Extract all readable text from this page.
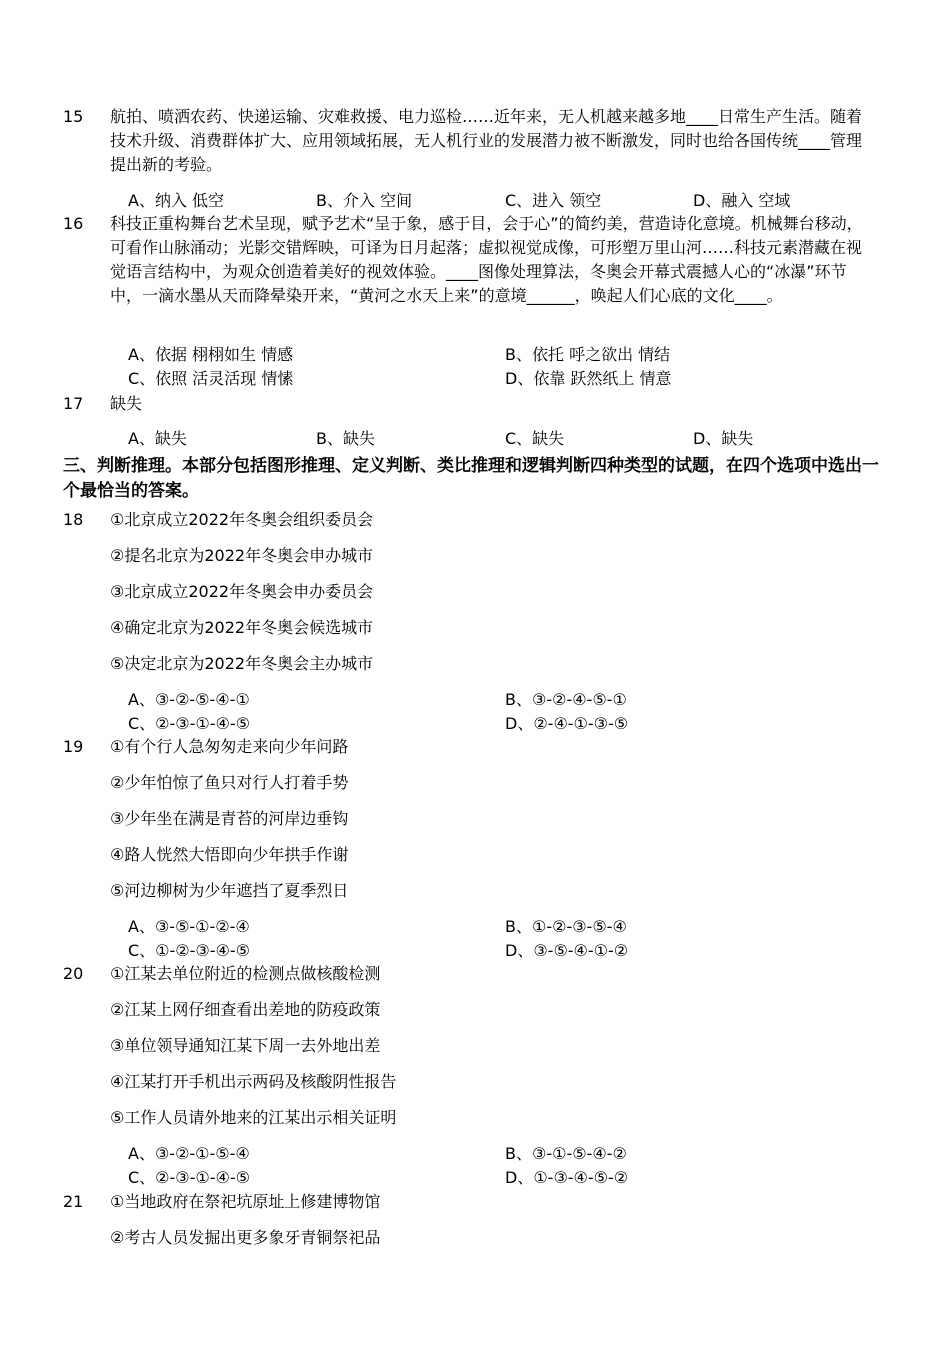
15 航拍、喷洒农药、快递运输、灾难救援、电力巡检……近年来，无人机越来越多地____日常生产生活。随着技术升级、消费群体扩大、应用领域拓展，无人机行业的发展潜力被不断激发，同时也给各国传统____管理提出新的考验。

A、纳入 低空	B、介入 空间	C、进入 领空	D、融入 空域
16 科技正重构舞台艺术呈现，赋予艺术“呈于象，感于目，会于心”的简约美，营造诗化意境。机械舞台移动，可看作山脉涌动；光影交错辉映，可译为日月起落；虚拟视觉成像，可形塑万里山河……科技元素潜藏在视觉语言结构中，为观众创造着美好的视效体验。____图像处理算法，冬奥会开幕式震撼人心的“冰瀑”环节中，一滴水墨从天而降晕染开来，“黄河之水天上来”的意境______，唤起人们心底的文化____。

A、依据 栩栩如生 情感	B、依托 呼之欲出 情结
C、依照 活灵活现 情愫	D、依靠 跃然纸上 情意
17 缺失

A、缺失	B、缺失	C、缺失	D、缺失

三、判断推理。本部分包括图形推理、定义判断、类比推理和逻辑判断四种类型的试题，在四个选项中选出一个最恰当的答案。

18 ①北京成立2022年冬奥会组织委员会
②提名北京为2022年冬奥会申办城市
③北京成立2022年冬奥会申办委员会
④确定北京为2022年冬奥会候选城市
⑤决定北京为2022年冬奥会主办城市
A、③-②-⑤-④-①	B、③-②-④-⑤-①
C、②-③-①-④-⑤	D、②-④-①-③-⑤
19 ①有个行人急匆匆走来向少年问路
②少年怕惊了鱼只对行人打着手势
③少年坐在满是青苔的河岸边垂钩
④路人恍然大悟即向少年拱手作谢
⑤河边柳树为少年遮挡了夏季烈日
A、③-⑤-①-②-④	B、①-②-③-⑤-④
C、①-②-③-④-⑤	D、③-⑤-④-①-②
20 ①江某去单位附近的检测点做核酸检测
②江某上网仔细查看出差地的防疫政策
③单位领导通知江某下周一去外地出差
④江某打开手机出示两码及核酸阴性报告
⑤工作人员请外地来的江某出示相关证明
A、③-②-①-⑤-④	B、③-①-⑤-④-②
C、②-③-①-④-⑤	D、①-③-④-⑤-②
21 ①当地政府在祭祀坑原址上修建博物馆
②考古人员发掘出更多象牙青铜祭祀品
